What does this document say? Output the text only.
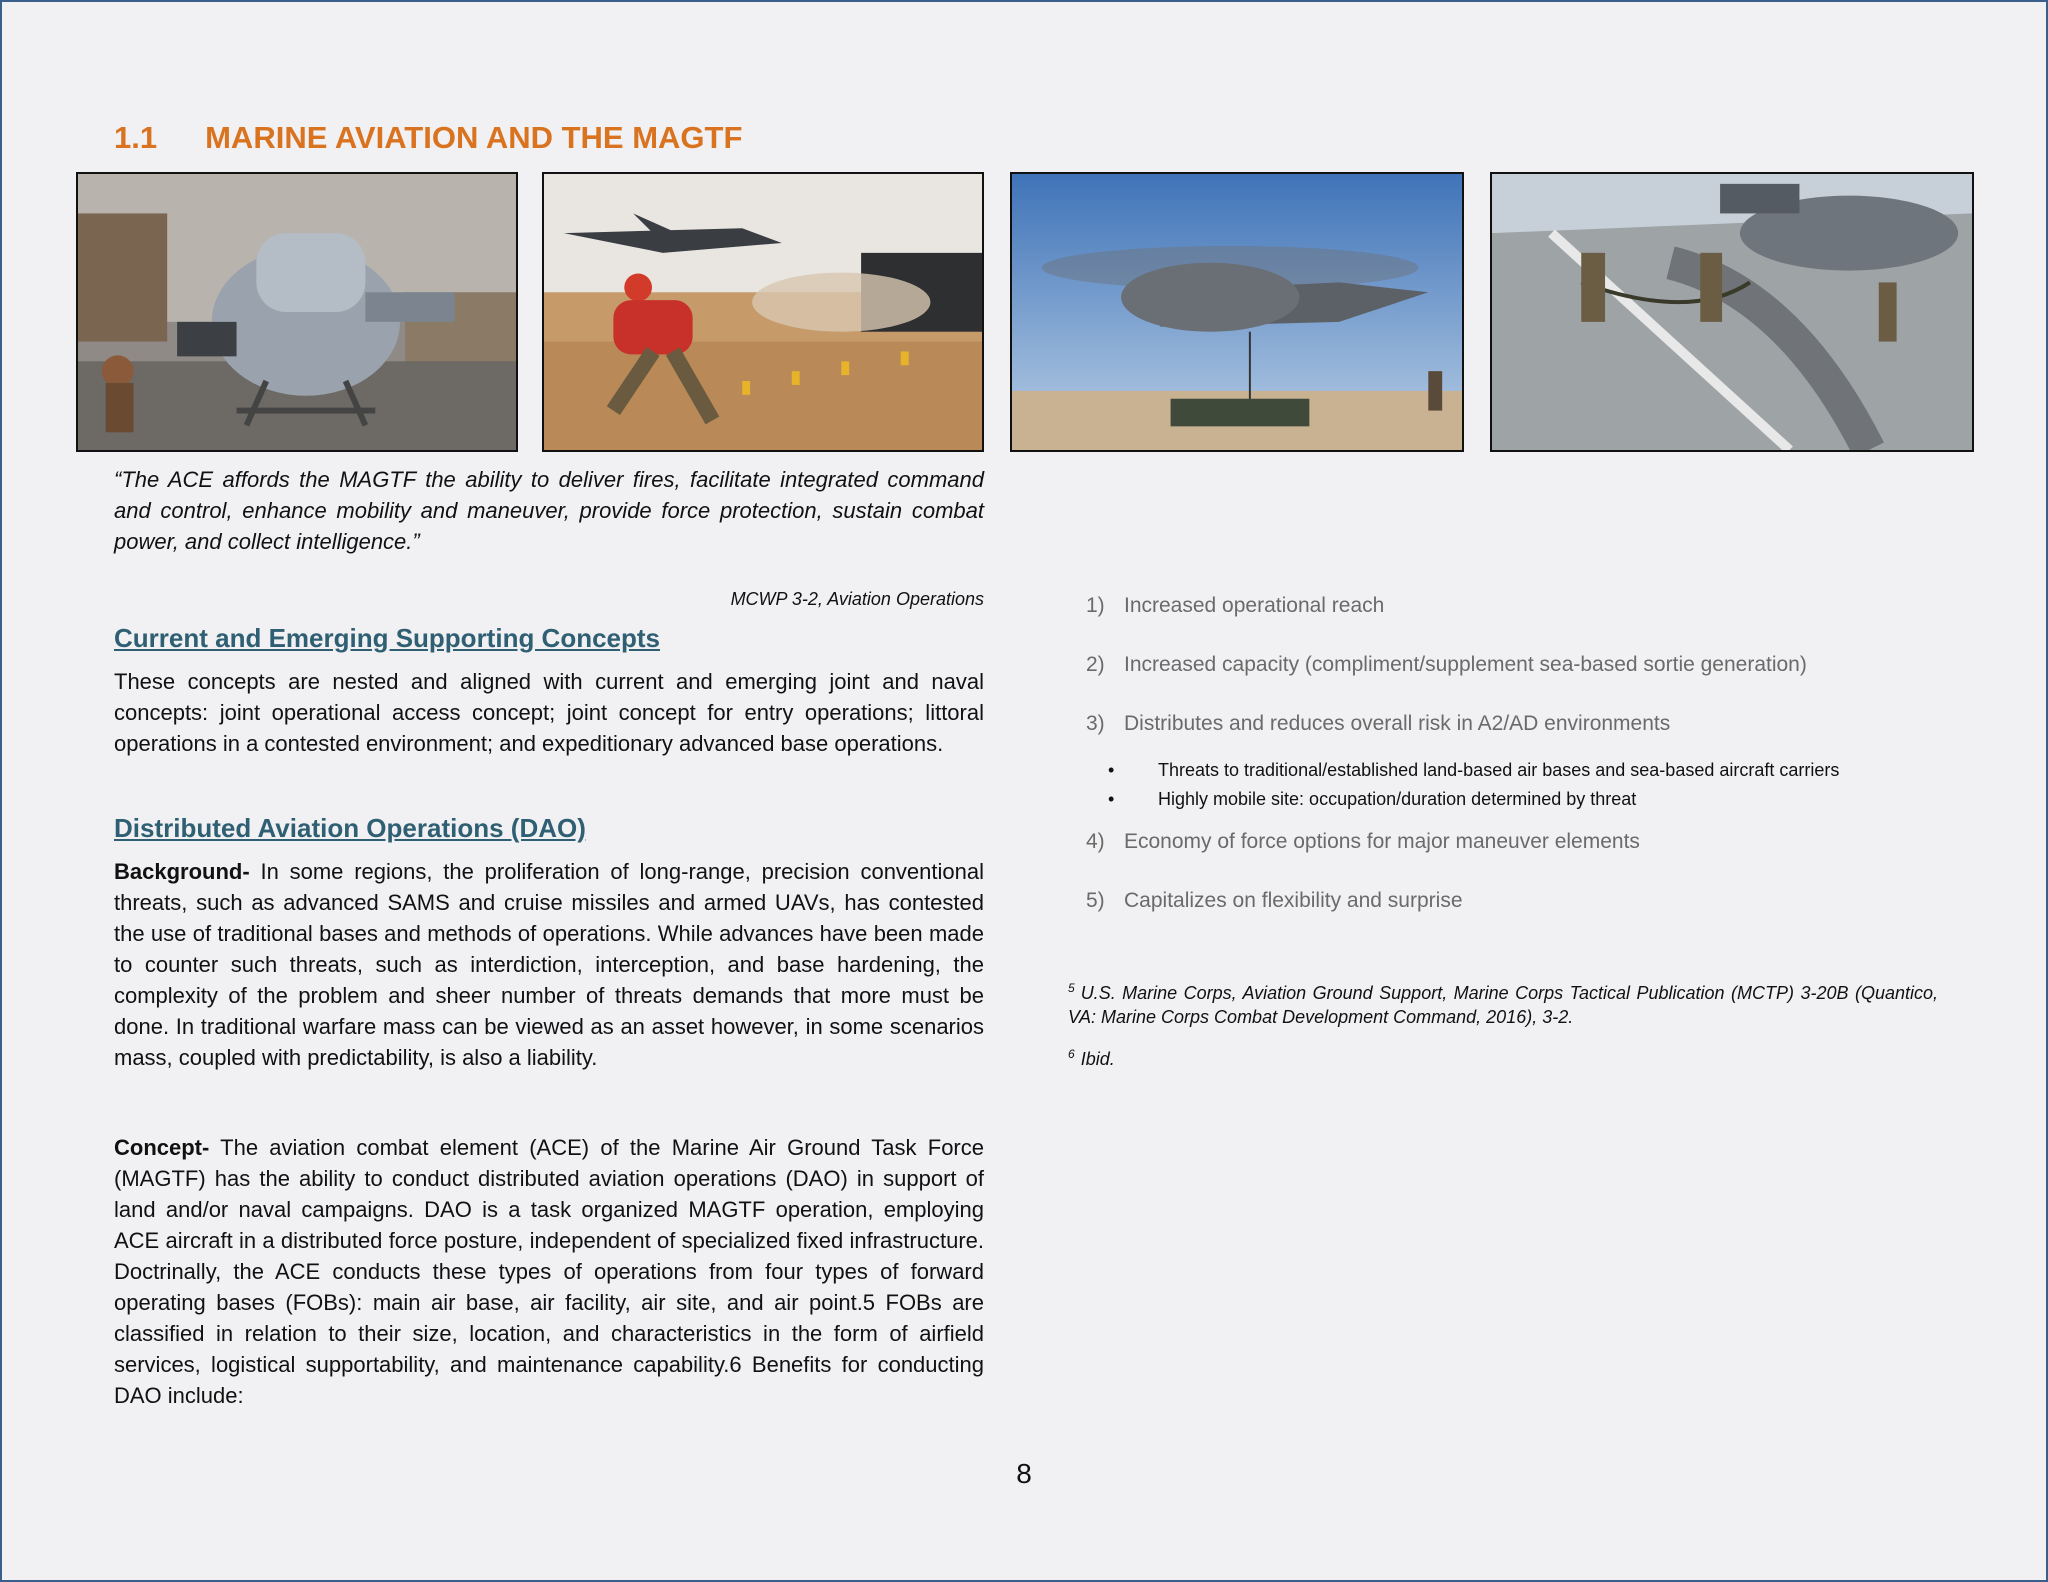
1.1 MARINE AVIATION AND THE MAGTF
“The ACE affords the MAGTF the ability to deliver fires, facilitate integrated command and control, enhance mobility and maneuver, provide force protection, sustain combat power, and collect intelligence.”
MCWP 3-2, Aviation Operations
Current and Emerging Supporting Concepts
These concepts are nested and aligned with current and emerging joint and naval concepts: joint operational access concept; joint concept for entry operations; littoral operations in a contested environment; and expeditionary advanced base operations.
Distributed Aviation Operations (DAO)
Background- In some regions, the proliferation of long-range, precision conventional threats, such as advanced SAMS and cruise missiles and armed UAVs, has contested the use of traditional bases and methods of operations. While advances have been made to counter such threats, such as interdiction, interception, and base hardening, the complexity of the problem and sheer number of threats demands that more must be done. In traditional warfare mass can be viewed as an asset however, in some scenarios mass, coupled with predictability, is also a liability.
Concept- The aviation combat element (ACE) of the Marine Air Ground Task Force (MAGTF) has the ability to conduct distributed aviation operations (DAO) in support of land and/or naval campaigns. DAO is a task organized MAGTF operation, employing ACE aircraft in a distributed force posture, independent of specialized fixed infrastructure. Doctrinally, the ACE conducts these types of operations from four types of forward operating bases (FOBs): main air base, air facility, air site, and air point.5 FOBs are classified in relation to their size, location, and characteristics in the form of airfield services, logistical supportability, and maintenance capability.6 Benefits for conducting DAO include:
1) Increased operational reach
2) Increased capacity (compliment/supplement sea-based sortie generation)
3) Distributes and reduces overall risk in A2/AD environments
•	Threats to traditional/established land-based air bases and sea-based aircraft carriers
•	Highly mobile site: occupation/duration determined by threat
4) Economy of force options for major maneuver elements
5) Capitalizes on flexibility and surprise
$^5$ U.S. Marine Corps, Aviation Ground Support, Marine Corps Tactical Publication (MCTP) 3-20B (Quantico, VA: Marine Corps Combat Development Command, 2016), 3-2.
$^6$ Ibid.
8
